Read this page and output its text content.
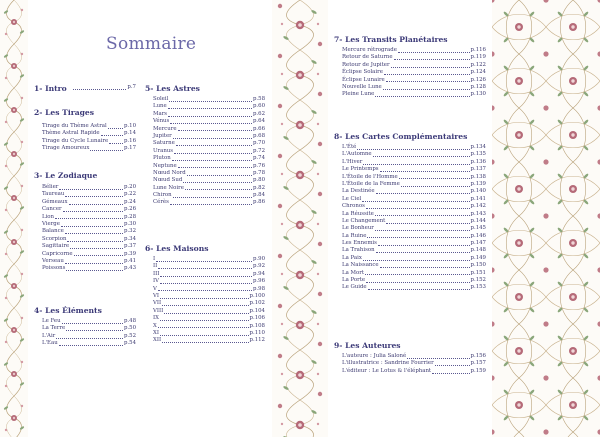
Sommaire
1- Intro	p.7
2- Les Tirages
Tirage du Thème Astral	p.10
Thème Astral Rapide	p.14
Tirage du Cycle Lunaire	p.16
Tirage Amoureux	p.17
3- Le Zodiaque
Bélier	p.20
Taureau	p.22
Gémeaux	p.24
Cancer	p.26
Lion	p.28
Vierge	p.30
Balance	p.32
Scorpion	p.34
Sagittaire	p.37
Capricorne	p.39
Verseau	p.41
Poissons	p.43
4- Les Éléments
Le Feu	p.48
La Terre	p.50
L'Air	p.52
L'Eau	p.54
5- Les Astres
Soleil	p.58
Lune	p.60
Mars	p.62
Vénus	p.64
Mercure	p.66
Jupiter	p.68
Saturne	p.70
Uranus	p.72
Pluton	p.74
Neptune	p.76
Nœud Nord	p.78
Nœud Sud	p.80
Lune Noire	p.82
Chiron	p.84
Cérès	p.86
6- Les Maisons
I	p.90
II	p.92
III	p.94
IV	p.96
V	p.98
VI	p.100
VII	p.102
VIII	p.104
IX	p.106
X	p.108
XI	p.110
XII	p.112
7- Les Transits Planétaires
Mercure rétrograde	p.116
Retour de Saturne	p.119
Retour de Jupiter	p.122
Éclipse Solaire	p.124
Éclipse Lunaire	p.126
Nouvelle Lune	p.128
Pleine Lune	p.130
8- Les Cartes Complémentaires
L'Été	p.134
L'Automne	p.135
L'Hiver	p.136
Le Printemps	p.137
L'Étoile de l'Homme	p.138
L'Étoile de la Femme	p.139
La Destinée	p.140
Le Ciel	p.141
Chronos	p.142
La Réussite	p.143
Le Changement	p.144
Le Bonheur	p.145
La Ruine	p.146
Les Ennemis	p.147
La Trahison	p.148
La Paix	p.149
La Naissance	p.150
La Mort	p.151
La Porte	p.152
Le Guide	p.153
9- Les Auteures
L'auteure : Julia Saloné	p.156
L'illustratrice : Sandrine Fourrier	p.157
L'éditeur : Le Lotus & l'éléphant	p.159
